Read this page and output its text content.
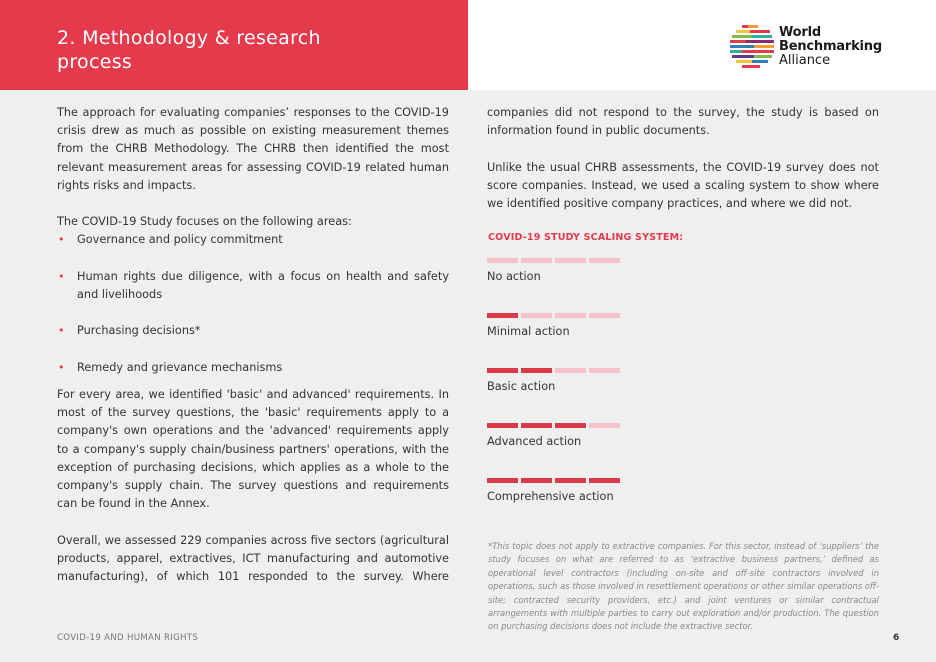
2. Methodology & research process
World
Benchmarking
Alliance

The approach for evaluating companies’ responses to the COVID-19 crisis drew as much as possible on existing measurement themes from the CHRB Methodology. The CHRB then identified the most relevant measurement areas for assessing COVID-19 related human rights risks and impacts.

The COVID-19 Study focuses on the following areas:

• Governance and policy commitment
• Human rights due diligence, with a focus on health and safety and livelihoods
• Purchasing decisions*
• Remedy and grievance mechanisms

For every area, we identified 'basic' and advanced' requirements. In most of the survey questions, the 'basic' requirements apply to a company's own operations and the 'advanced' requirements apply to a company's supply chain/business partners' operations, with the exception of purchasing decisions, which applies as a whole to the company's supply chain. The survey questions and requirements can be found in the Annex.

Overall, we assessed 229 companies across five sectors (agricultural products, apparel, extractives, ICT manufacturing and automotive manufacturing), of which 101 responded to the survey. Where

companies did not respond to the survey, the study is based on information found in public documents.

Unlike the usual CHRB assessments, the COVID-19 survey does not score companies. Instead, we used a scaling system to show where we identified positive company practices, and where we did not.

COVID-19 STUDY SCALING SYSTEM:
No action
Minimal action
Basic action
Advanced action
Comprehensive action

*This topic does not apply to extractive companies. For this sector, instead of ‘suppliers’ the study focuses on what are referred to as ‘extractive business partners,’ defined as operational level contractors (including on-site and off-site contractors involved in operations, such as those involved in resettlement operations or other similar operations off-site; contracted security providers, etc.) and joint ventures or similar contractual arrangements with multiple parties to carry out exploration and/or production. The question on purchasing decisions does not include the extractive sector.

COVID-19 AND HUMAN RIGHTS	6
